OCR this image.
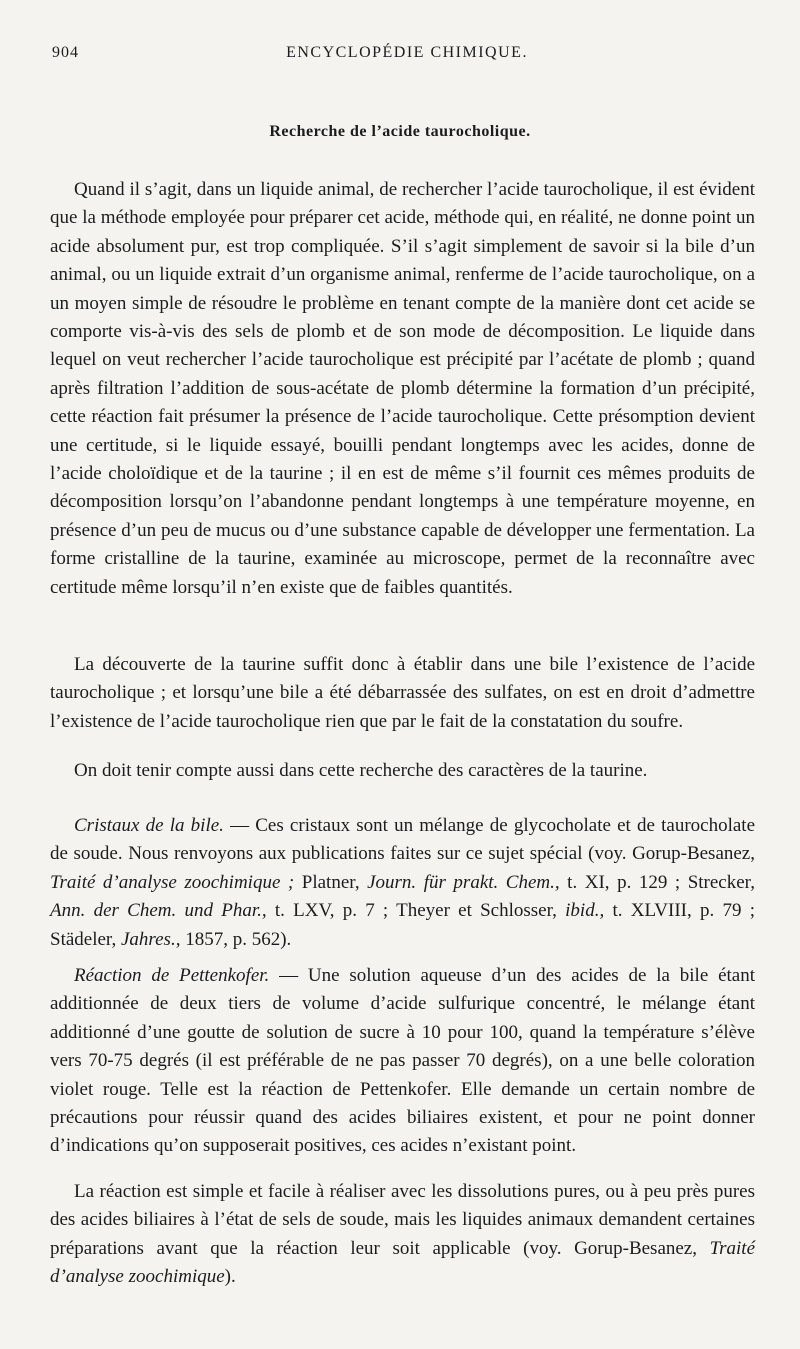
904	ENCYCLOPÉDIE CHIMIQUE.
Recherche de l’acide taurocholique.

Quand il s’agit, dans un liquide animal, de rechercher l’acide taurocholique, il est évident que la méthode employée pour préparer cet acide, méthode qui, en réalité, ne donne point un acide absolument pur, est trop compliquée. S’il s’agit simplement de savoir si la bile d’un animal, ou un liquide extrait d’un organisme animal, renferme de l’acide taurocholique, on a un moyen simple de résoudre le problème en tenant compte de la manière dont cet acide se comporte vis-à-vis des sels de plomb et de son mode de décomposition. Le liquide dans lequel on veut rechercher l’acide taurocholique est précipité par l’acétate de plomb ; quand après filtration l’addition de sous-acétate de plomb détermine la formation d’un précipité, cette réaction fait présumer la présence de l’acide taurocholique. Cette présomption devient une certitude, si le liquide essayé, bouilli pendant longtemps avec les acides, donne de l’acide choloïdique et de la taurine ; il en est de même s’il fournit ces mêmes produits de décomposition lorsqu’on l’abandonne pendant longtemps à une température moyenne, en présence d’un peu de mucus ou d’une substance capable de développer une fermentation. La forme cristalline de la taurine, examinée au microscope, permet de la reconnaître avec certitude même lorsqu’il n’en existe que de faibles quantités.

La découverte de la taurine suffit donc à établir dans une bile l’existence de l’acide taurocholique ; et lorsqu’une bile a été débarrassée des sulfates, on est en droit d’admettre l’existence de l’acide taurocholique rien que par le fait de la constatation du soufre.

On doit tenir compte aussi dans cette recherche des caractères de la taurine.

Cristaux de la bile. — Ces cristaux sont un mélange de glycocholate et de taurocholate de soude. Nous renvoyons aux publications faites sur ce sujet spécial (voy. Gorup-Besanez, Traité d’analyse zoochimique ; Platner, Journ. für prakt. Chem., t. XI, p. 129 ; Strecker, Ann. der Chem. und Phar., t. LXV, p. 7 ; Theyer et Schlosser, ibid., t. XLVIII, p. 79 ; Städeler, Jahres., 1857, p. 562).

Réaction de Pettenkofer. — Une solution aqueuse d’un des acides de la bile étant additionnée de deux tiers de volume d’acide sulfurique concentré, le mélange étant additionné d’une goutte de solution de sucre à 10 pour 100, quand la température s’élève vers 70-75 degrés (il est préférable de ne pas passer 70 degrés), on a une belle coloration violet rouge. Telle est la réaction de Pettenkofer. Elle demande un certain nombre de précautions pour réussir quand des acides biliaires existent, et pour ne point donner d’indications qu’on supposerait positives, ces acides n’existant point.

La réaction est simple et facile à réaliser avec les dissolutions pures, ou à peu près pures des acides biliaires à l’état de sels de soude, mais les liquides animaux demandent certaines préparations avant que la réaction leur soit applicable (voy. Gorup-Besanez, Traité d’analyse zoochimique).
